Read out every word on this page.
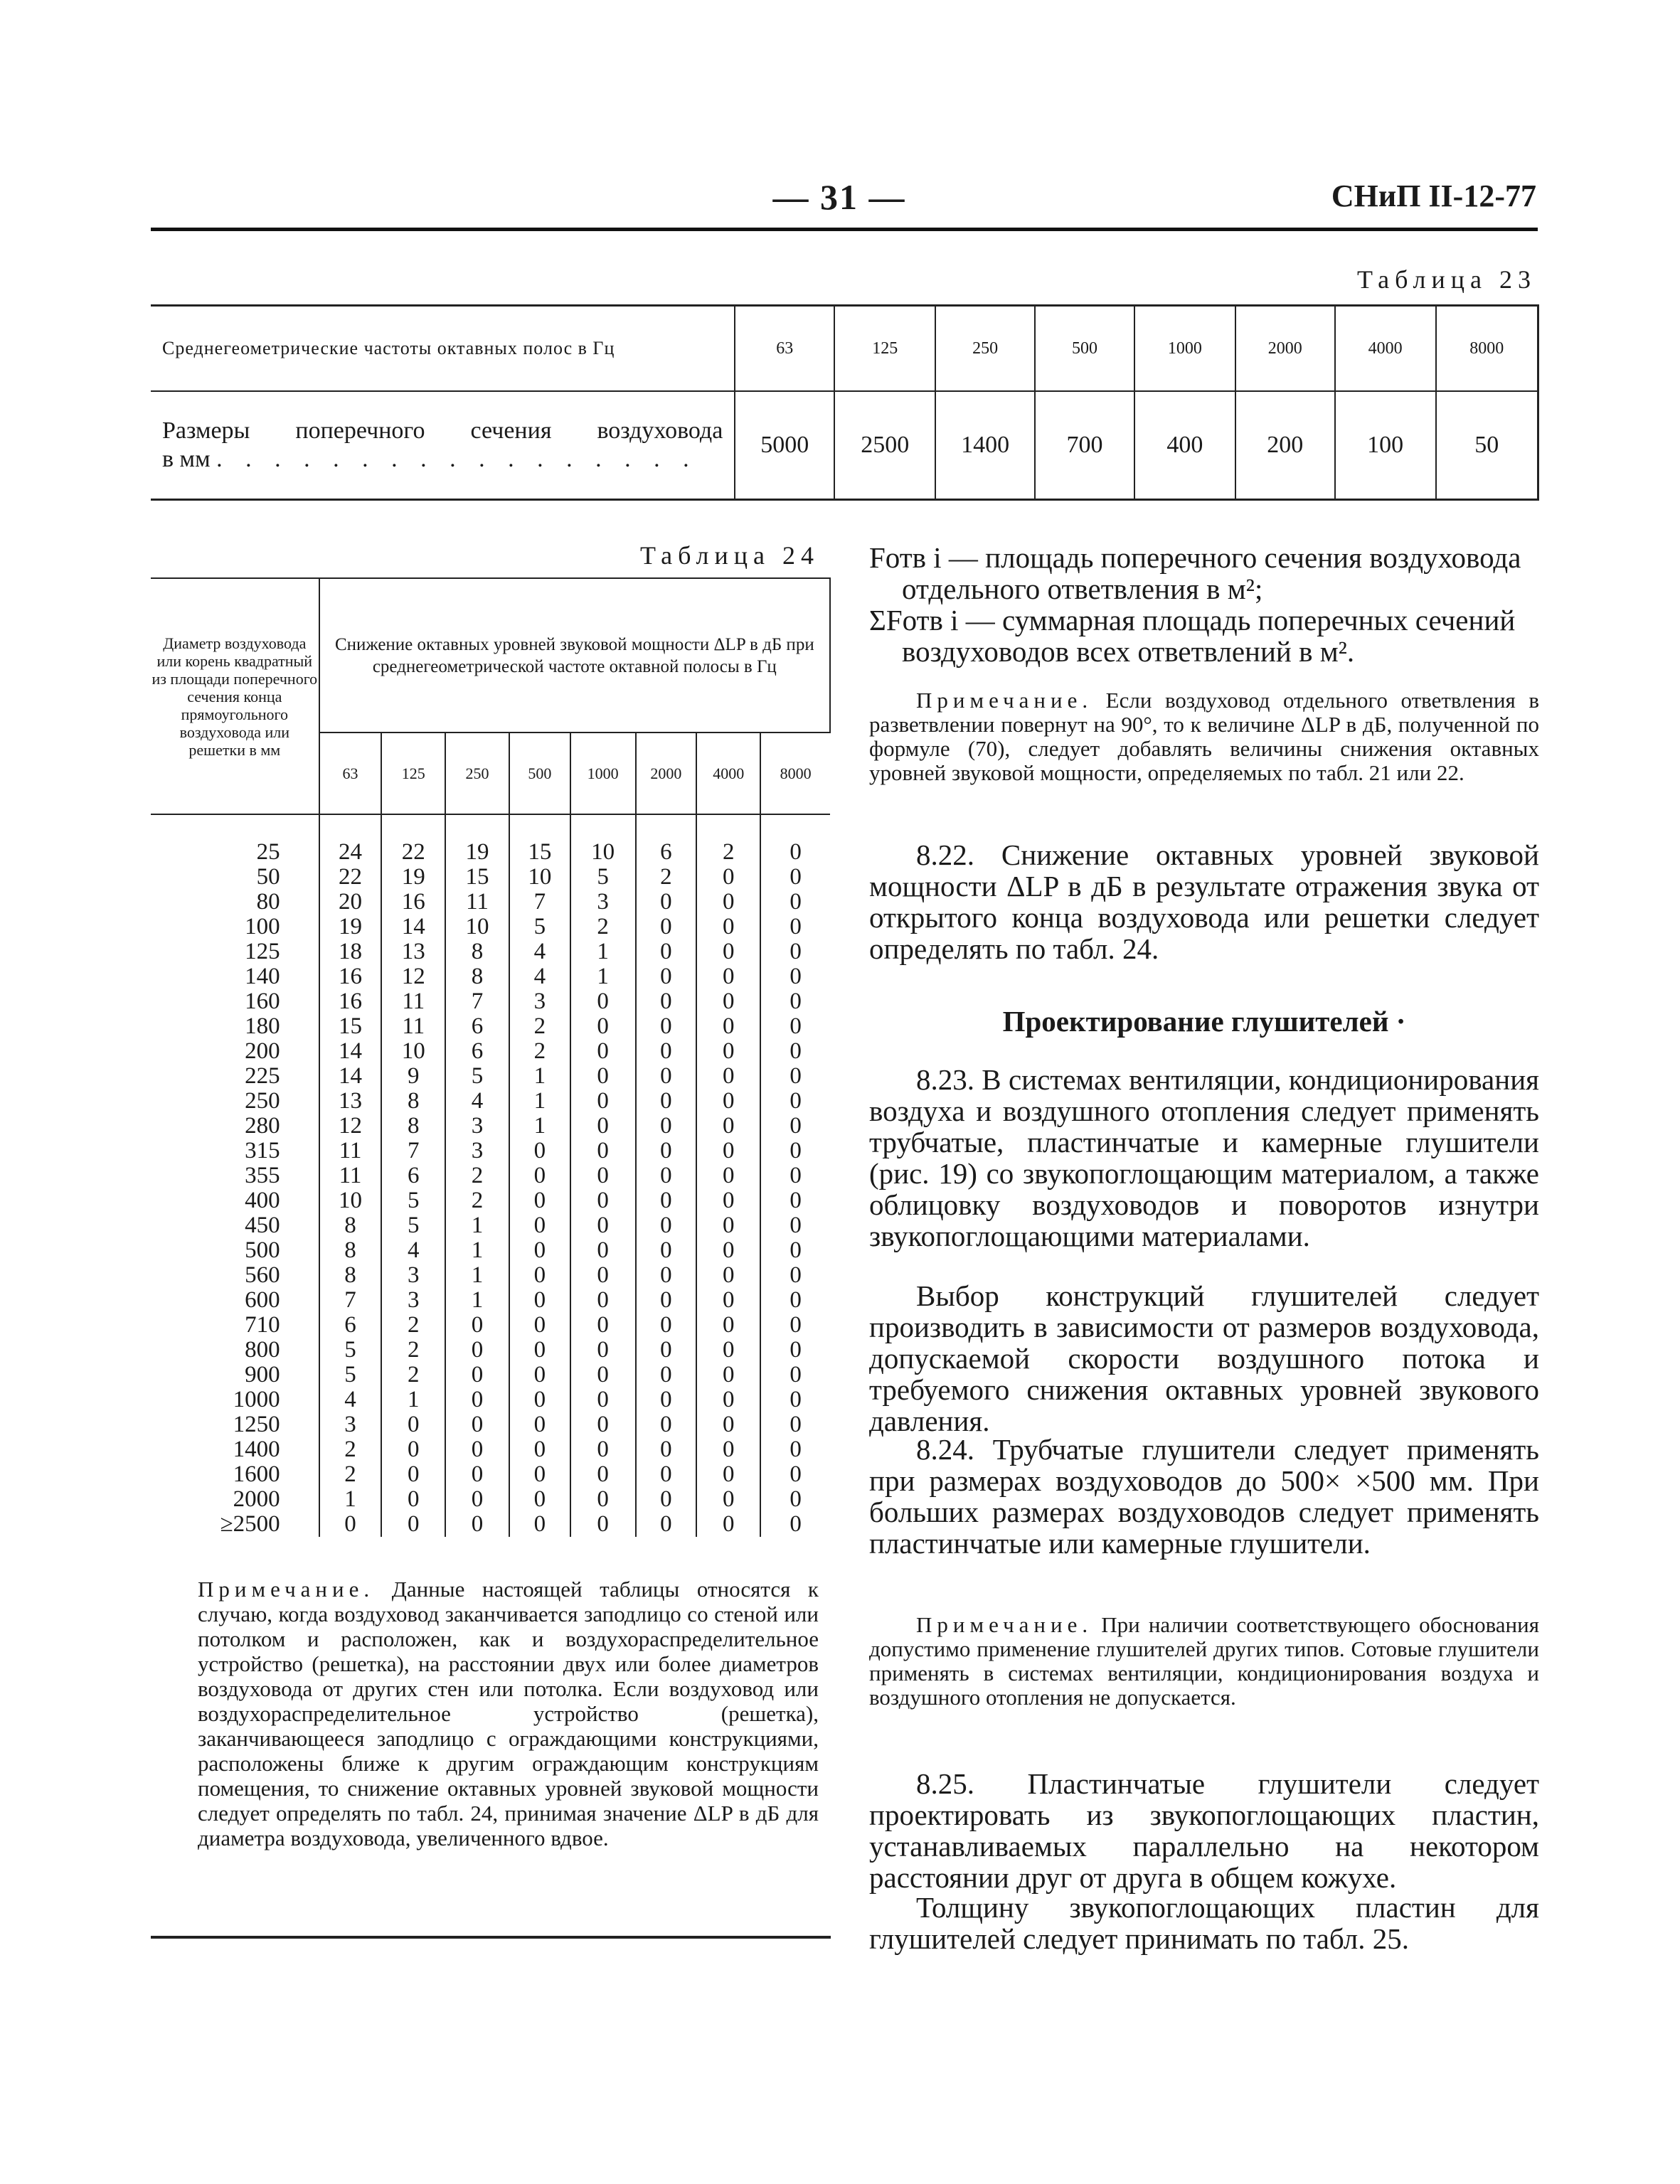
— 31 —	СНиП II-12-77
Таблица 23
Среднегеометрические частоты октавных полос в Гц	63	125	250	500	1000	2000	4000	8000

Размеры поперечного сечения воздуховода
в мм . . . . . . . . . . . . . . . . .	5000	2500	1400	700	400	200	100	50
Таблица 24
Диаметр воздуховода или корень квадратный из площади поперечного сечения конца прямоугольного воздуховода или решетки в мм	Снижение октавных уровней звуковой мощности ΔLP в дБ при среднегеометрической частоте октавной полосы в Гц							
	63	125	250	500	1000	2000	4000	8000

25	24	22	19	15	10	6	2	0
50	22	19	15	10	5	2	0	0
80	20	16	11	7	3	0	0	0
100	19	14	10	5	2	0	0	0
125	18	13	8	4	1	0	0	0
140	16	12	8	4	1	0	0	0
160	16	11	7	3	0	0	0	0
180	15	11	6	2	0	0	0	0
200	14	10	6	2	0	0	0	0
225	14	9	5	1	0	0	0	0
250	13	8	4	1	0	0	0	0
280	12	8	3	1	0	0	0	0
315	11	7	3	0	0	0	0	0
355	11	6	2	0	0	0	0	0
400	10	5	2	0	0	0	0	0
450	8	5	1	0	0	0	0	0
500	8	4	1	0	0	0	0	0
560	8	3	1	0	0	0	0	0
600	7	3	1	0	0	0	0	0
710	6	2	0	0	0	0	0	0
800	5	2	0	0	0	0	0	0
900	5	2	0	0	0	0	0	0
1000	4	1	0	0	0	0	0	0
1250	3	0	0	0	0	0	0	0
1400	2	0	0	0	0	0	0	0
1600	2	0	0	0	0	0	0	0
2000	1	0	0	0	0	0	0	0
≥2500	0	0	0	0	0	0	0	0
Примечание. Данные настоящей таблицы относятся к случаю, когда воздуховод заканчивается заподлицо со стеной или потолком и расположен, как и воздухораспределительное устройство (решетка), на расстоянии двух или более диаметров воздуховода от других стен или потолка. Если воздуховод или воздухораспределительное устройство (решетка), заканчивающееся заподлицо с ограждающими конструкциями, расположены ближе к другим ограждающим конструкциям помещения, то снижение октавных уровней звуковой мощности следует определять по табл. 24, принимая значение ΔLP в дБ для диаметра воздуховода, увеличенного вдвое.								

Fотв i — площадь поперечного сечения воздуховода отдельного ответвления в м²;

ΣFотв i — суммарная площадь поперечных сечений воздуховодов всех ответвлений в м².

Примечание. Если воздуховод отдельного ответвления в разветвлении повернут на 90°, то к величине ΔLP в дБ, полученной по формуле (70), следует добавлять величины снижения октавных уровней звуковой мощности, определяемых по табл. 21 или 22.
8.22. Снижение октавных уровней звуковой мощности ΔLP в дБ в результате отражения звука от открытого конца воздуховода или решетки следует определять по табл. 24.
Проектирование глушителей ·
8.23. В системах вентиляции, кондиционирования воздуха и воздушного отопления следует применять трубчатые, пластинчатые и камерные глушители (рис. 19) со звукопоглощающим материалом, а также облицовку воздуховодов и поворотов изнутри звукопоглощающими материалами.
Выбор конструкций глушителей следует производить в зависимости от размеров воздуховода, допускаемой скорости воздушного потока и требуемого снижения октавных уровней звукового давления.
8.24. Трубчатые глушители следует применять при размерах воздуховодов до 500× ×500 мм. При больших размерах воздуховодов следует применять пластинчатые или камерные глушители.
Примечание. При наличии соответствующего обоснования допустимо применение глушителей других типов. Сотовые глушители применять в системах вентиляции, кондиционирования воздуха и воздушного отопления не допускается.
8.25. Пластинчатые глушители следует проектировать из звукопоглощающих пластин, устанавливаемых параллельно на некотором расстоянии друг от друга в общем кожухе.
Толщину звукопоглощающих пластин для глушителей следует принимать по табл. 25.
